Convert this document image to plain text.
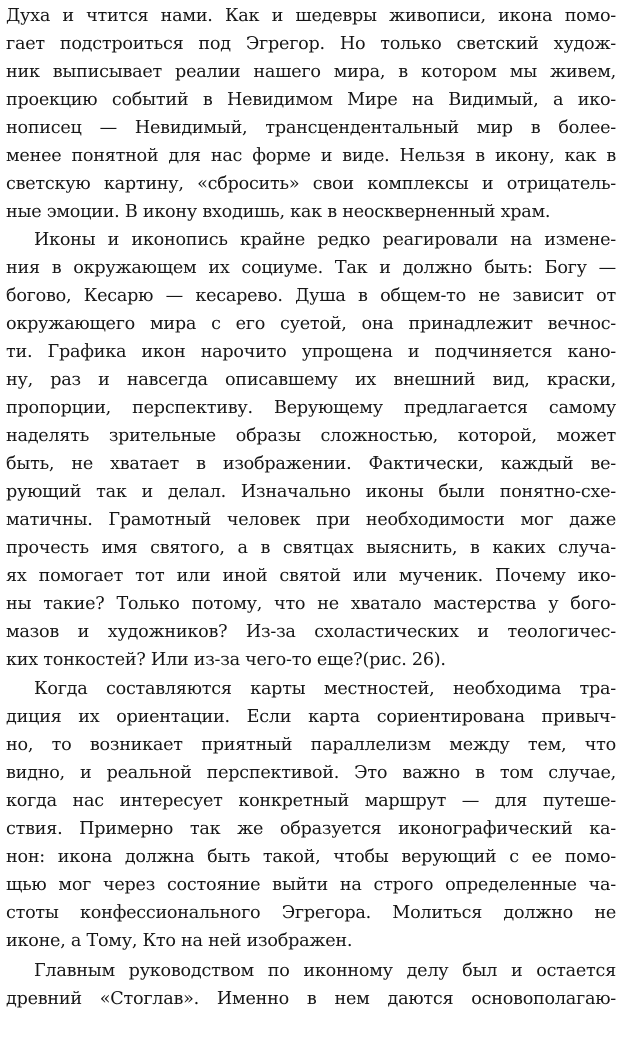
Духа и чтится нами. Как и шедевры живописи, икона помо-
гает подстроиться под Эгрегор. Но только светский худож-
ник выписывает реалии нашего мира, в котором мы живем,
проекцию событий в Невидимом Мире на Видимый, а ико-
нописец — Невидимый, трансцендентальный мир в более-
менее понятной для нас форме и виде. Нельзя в икону, как в
светскую картину, «сбросить» свои комплексы и отрицатель-
ные эмоции. В икону входишь, как в неоскверненный храм.
Иконы и иконопись крайне редко реагировали на измене-
ния в окружающем их социуме. Так и должно быть: Богу —
богово, Кесарю — кесарево. Душа в общем-то не зависит от
окружающего мира с его суетой, она принадлежит вечнос-
ти. Графика икон нарочито упрощена и подчиняется кано-
ну, раз и навсегда описавшему их внешний вид, краски,
пропорции, перспективу. Верующему предлагается самому
наделять зрительные образы сложностью, которой, может
быть, не хватает в изображении. Фактически, каждый ве-
рующий так и делал. Изначально иконы были понятно-схе-
матичны. Грамотный человек при необходимости мог даже
прочесть имя святого, а в святцах выяснить, в каких случа-
ях помогает тот или иной святой или мученик. Почему ико-
ны такие? Только потому, что не хватало мастерства у бого-
мазов и художников? Из-за схоластических и теологичес-
ких тонкостей? Или из-за чего-то еще?(рис. 26).
Когда составляются карты местностей, необходима тра-
диция их ориентации. Если карта сориентирована привыч-
но, то возникает приятный параллелизм между тем, что
видно, и реальной перспективой. Это важно в том случае,
когда нас интересует конкретный маршрут — для путеше-
ствия. Примерно так же образуется иконографический ка-
нон: икона должна быть такой, чтобы верующий с ее помо-
щью мог через состояние выйти на строго определенные ча-
стоты конфессионального Эгрегора. Молиться должно не
иконе, а Тому, Кто на ней изображен.
Главным руководством по иконному делу был и остается
древний «Стоглав». Именно в нем даются основополагаю-
